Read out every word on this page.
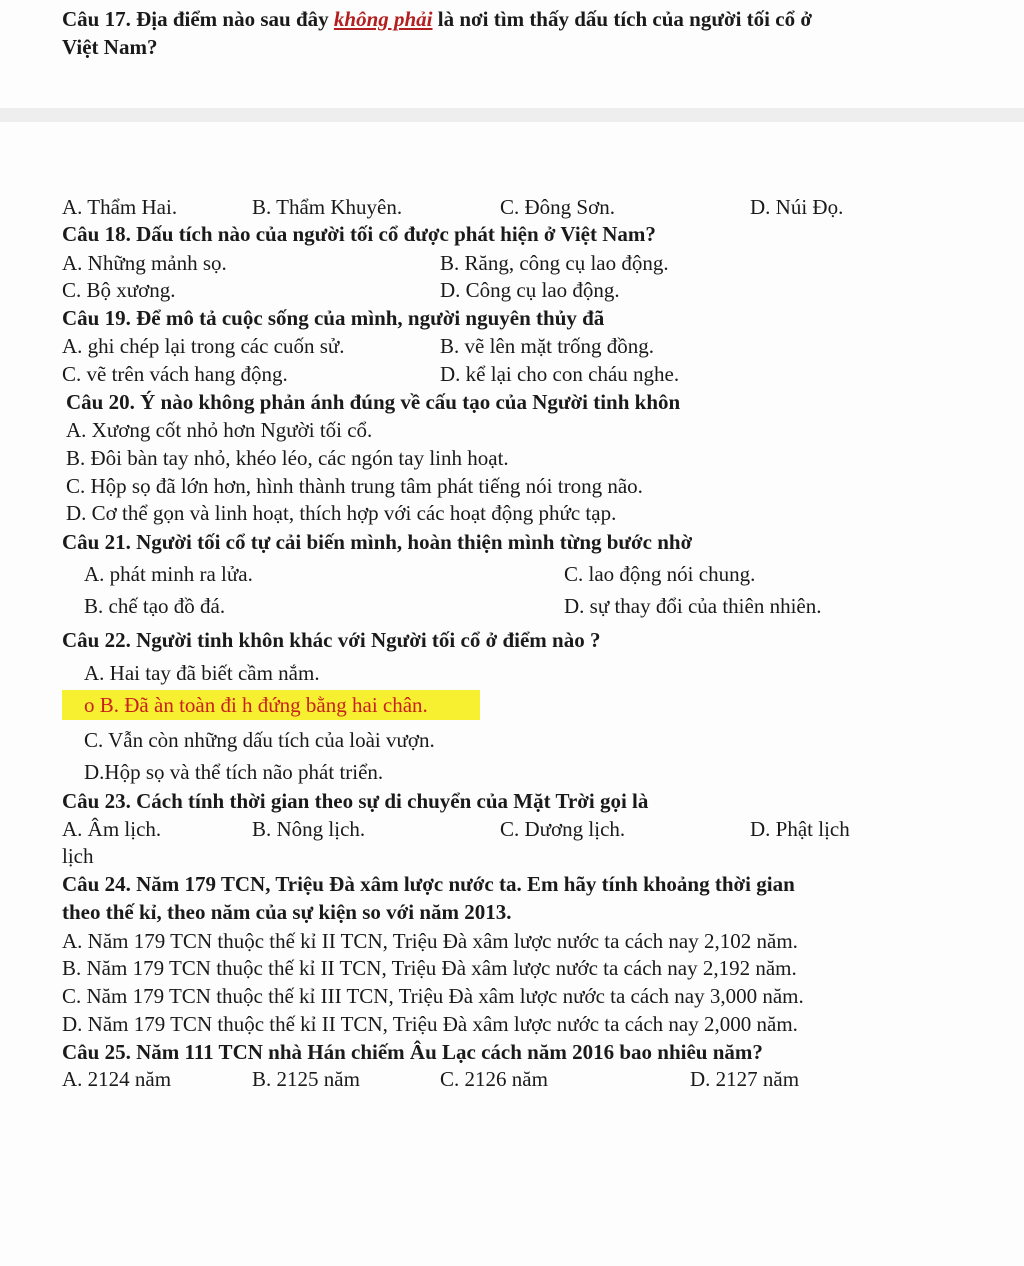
Câu 17. Địa điểm nào sau đây không phải là nơi tìm thấy dấu tích của người tối cổ ở
Việt Nam?
A. Thẩm Hai.	B. Thẩm Khuyên.	C. Đông Sơn.	D. Núi Đọ.
Câu 18. Dấu tích nào của người tối cổ được phát hiện ở Việt Nam?
A. Những mảnh sọ.	B. Răng, công cụ lao động.
C. Bộ xương.	D. Công cụ lao động.
Câu 19. Để mô tả cuộc sống của mình, người nguyên thủy đã
A. ghi chép lại trong các cuốn sử.	B. vẽ lên mặt trống đồng.
C. vẽ trên vách hang động.	D. kể lại cho con cháu nghe.
Câu 20. Ý nào không phản ánh đúng về cấu tạo của Người tinh khôn
A. Xương cốt nhỏ hơn Người tối cổ.
B. Đôi bàn tay nhỏ, khéo léo, các ngón tay linh hoạt.
C. Hộp sọ đã lớn hơn, hình thành trung tâm phát tiếng nói trong não.
D. Cơ thể gọn và linh hoạt, thích hợp với các hoạt động phức tạp.
Câu 21. Người tối cổ tự cải biến mình, hoàn thiện mình từng bước nhờ
A. phát minh ra lửa.	C. lao động nói chung.
B. chế tạo đồ đá.	D. sự thay đổi của thiên nhiên.
Câu 22. Người tinh khôn khác với Người tối cổ ở điểm nào ?
A. Hai tay đã biết cầm nắm.
o B. Đã àn toàn đi h đứng bằng hai chân.
C. Vẫn còn những dấu tích của loài vượn.
D.Hộp sọ và thể tích não phát triển.
Câu 23. Cách tính thời gian theo sự di chuyển của Mặt Trời gọi là
A. Âm lịch.	B. Nông lịch.	C. Dương lịch.	D. Phật lịch
lịch
Câu 24. Năm 179 TCN, Triệu Đà xâm lược nước ta. Em hãy tính khoảng thời gian
theo thế kỉ, theo năm của sự kiện so với năm 2013.
A. Năm 179 TCN thuộc thế kỉ II TCN, Triệu Đà xâm lược nước ta cách nay 2,102 năm.
B. Năm 179 TCN thuộc thế kỉ II TCN, Triệu Đà xâm lược nước ta cách nay 2,192 năm.
C. Năm 179 TCN thuộc thế kỉ III TCN, Triệu Đà xâm lược nước ta cách nay 3,000 năm.
D. Năm 179 TCN thuộc thế kỉ II TCN, Triệu Đà xâm lược nước ta cách nay 2,000 năm.
Câu 25. Năm 111 TCN nhà Hán chiếm Âu Lạc cách năm 2016 bao nhiêu năm?
A. 2124 năm	B. 2125 năm	C. 2126 năm	D. 2127 năm
